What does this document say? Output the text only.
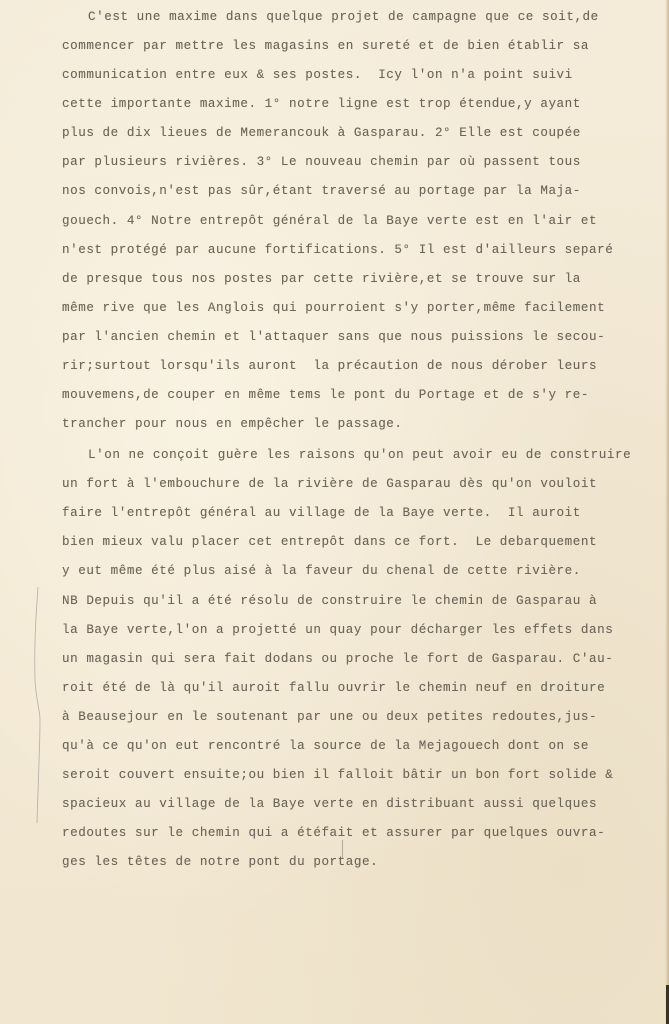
C'est une maxime dans quelque projet de campagne que ce soit,de
commencer par mettre les magasins en sureté et de bien établir sa
communication entre eux & ses postes.  Icy l'on n'a point suivi
cette importante maxime. 1° notre ligne est trop étendue,y ayant
plus de dix lieues de Memerancouk à Gasparau. 2° Elle est coupée
par plusieurs rivières. 3° Le nouveau chemin par où passent tous
nos convois,n'est pas sûr,étant traversé au portage par la Maja-
gouech. 4° Notre entrepôt général de la Baye verte est en l'air et
n'est protégé par aucune fortifications. 5° Il est d'ailleurs separé
de presque tous nos postes par cette rivière,et se trouve sur la
même rive que les Anglois qui pourroient s'y porter,même facilement
par l'ancien chemin et l'attaquer sans que nous puissions le secou-
rir;surtout lorsqu'ils auront  la précaution de nous dérober leurs
mouvemens,de couper en même tems le pont du Portage et de s'y re-
trancher pour nous en empêcher le passage.
L'on ne conçoit guère les raisons qu'on peut avoir eu de construire
un fort à l'embouchure de la rivière de Gasparau dès qu'on vouloit
faire l'entrepôt général au village de la Baye verte.  Il auroit
bien mieux valu placer cet entrepôt dans ce fort.  Le debarquement
y eut même été plus aisé à la faveur du chenal de cette rivière.
NB Depuis qu'il a été résolu de construire le chemin de Gasparau à
la Baye verte,l'on a projetté un quay pour décharger les effets dans
un magasin qui sera fait dodans ou proche le fort de Gasparau. C'au-
roit été de là qu'il auroit fallu ouvrir le chemin neuf en droiture
à Beausejour en le soutenant par une ou deux petites redoutes,jus-
qu'à ce qu'on eut rencontré la source de la Mejagouech dont on se
seroit couvert ensuite;ou bien il falloit bâtir un bon fort solide &
spacieux au village de la Baye verte en distribuant aussi quelques
redoutes sur le chemin qui a étéfait et assurer par quelques ouvra-
ges les têtes de notre pont du portage.
